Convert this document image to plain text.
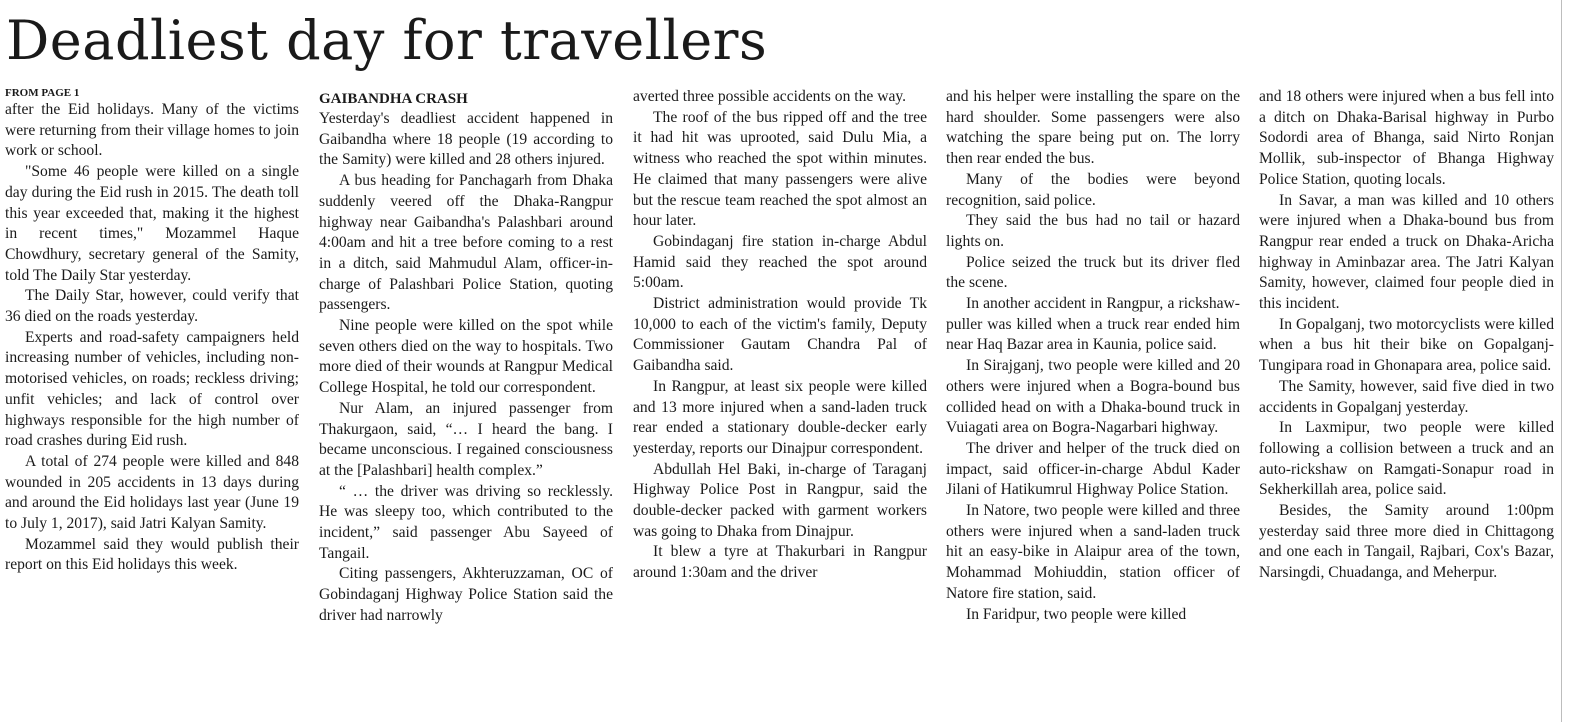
Deadliest day for travellers
FROM PAGE 1

after the Eid holidays. Many of the victims were returning from their village homes to join work or school.

"Some 46 people were killed on a single day during the Eid rush in 2015. The death toll this year exceeded that, making it the highest in recent times," Mozammel Haque Chowdhury, secretary general of the Samity, told The Daily Star yesterday.

The Daily Star, however, could verify that 36 died on the roads yesterday.

Experts and road-safety campaigners held increasing number of vehicles, including non-motorised vehicles, on roads; reckless driving; unfit vehicles; and lack of control over highways responsible for the high number of road crashes during Eid rush.

A total of 274 people were killed and 848 wounded in 205 accidents in 13 days during and around the Eid holidays last year (June 19 to July 1, 2017), said Jatri Kalyan Samity.

Mozammel said they would publish their report on this Eid holidays this week.

GAIBANDHA CRASH

Yesterday's deadliest accident happened in Gaibandha where 18 people (19 according to the Samity) were killed and 28 others injured.

A bus heading for Panchagarh from Dhaka suddenly veered off the Dhaka-Rangpur highway near Gaibandha's Palashbari around 4:00am and hit a tree before coming to a rest in a ditch, said Mahmudul Alam, officer-in-charge of Palashbari Police Station, quoting passengers.

Nine people were killed on the spot while seven others died on the way to hospitals. Two more died of their wounds at Rangpur Medical College Hospital, he told our correspondent.

Nur Alam, an injured passenger from Thakurgaon, said, “… I heard the bang. I became unconscious. I regained consciousness at the [Palashbari] health complex.”

“ … the driver was driving so recklessly. He was sleepy too, which contributed to the incident,” said passenger Abu Sayeed of Tangail.

Citing passengers, Akhteruzzaman, OC of Gobindaganj Highway Police Station said the driver had narrowly

averted three possible accidents on the way.

The roof of the bus ripped off and the tree it had hit was uprooted, said Dulu Mia, a witness who reached the spot within minutes. He claimed that many passengers were alive but the rescue team reached the spot almost an hour later.

Gobindaganj fire station in-charge Abdul Hamid said they reached the spot around 5:00am.

District administration would provide Tk 10,000 to each of the victim's family, Deputy Commissioner Gautam Chandra Pal of Gaibandha said.

In Rangpur, at least six people were killed and 13 more injured when a sand-laden truck rear ended a stationary double-decker early yesterday, reports our Dinajpur correspondent.

Abdullah Hel Baki, in-charge of Taraganj Highway Police Post in Rangpur, said the double-decker packed with garment workers was going to Dhaka from Dinajpur.

It blew a tyre at Thakurbari in Rangpur around 1:30am and the driver

and his helper were installing the spare on the hard shoulder. Some passengers were also watching the spare being put on. The lorry then rear ended the bus.

Many of the bodies were beyond recognition, said police.

They said the bus had no tail or hazard lights on.

Police seized the truck but its driver fled the scene.

In another accident in Rangpur, a rickshaw-puller was killed when a truck rear ended him near Haq Bazar area in Kaunia, police said.

In Sirajganj, two people were killed and 20 others were injured when a Bogra-bound bus collided head on with a Dhaka-bound truck in Vuiagati area on Bogra-Nagarbari highway.

The driver and helper of the truck died on impact, said officer-in-charge Abdul Kader Jilani of Hatikumrul Highway Police Station.

In Natore, two people were killed and three others were injured when a sand-laden truck hit an easy-bike in Alaipur area of the town, Mohammad Mohiuddin, station officer of Natore fire station, said.

In Faridpur, two people were killed

and 18 others were injured when a bus fell into a ditch on Dhaka-Barisal highway in Purbo Sodordi area of Bhanga, said Nirto Ronjan Mollik, sub-inspector of Bhanga Highway Police Station, quoting locals.

In Savar, a man was killed and 10 others were injured when a Dhaka-bound bus from Rangpur rear ended a truck on Dhaka-Aricha highway in Aminbazar area. The Jatri Kalyan Samity, however, claimed four people died in this incident.

In Gopalganj, two motorcyclists were killed when a bus hit their bike on Gopalganj-Tungipara road in Ghonapara area, police said.

The Samity, however, said five died in two accidents in Gopalganj yesterday.

In Laxmipur, two people were killed following a collision between a truck and an auto-rickshaw on Ramgati-Sonapur road in Sekherkillah area, police said.

Besides, the Samity around 1:00pm yesterday said three more died in Chittagong and one each in Tangail, Rajbari, Cox's Bazar, Narsingdi, Chuadanga, and Meherpur.
